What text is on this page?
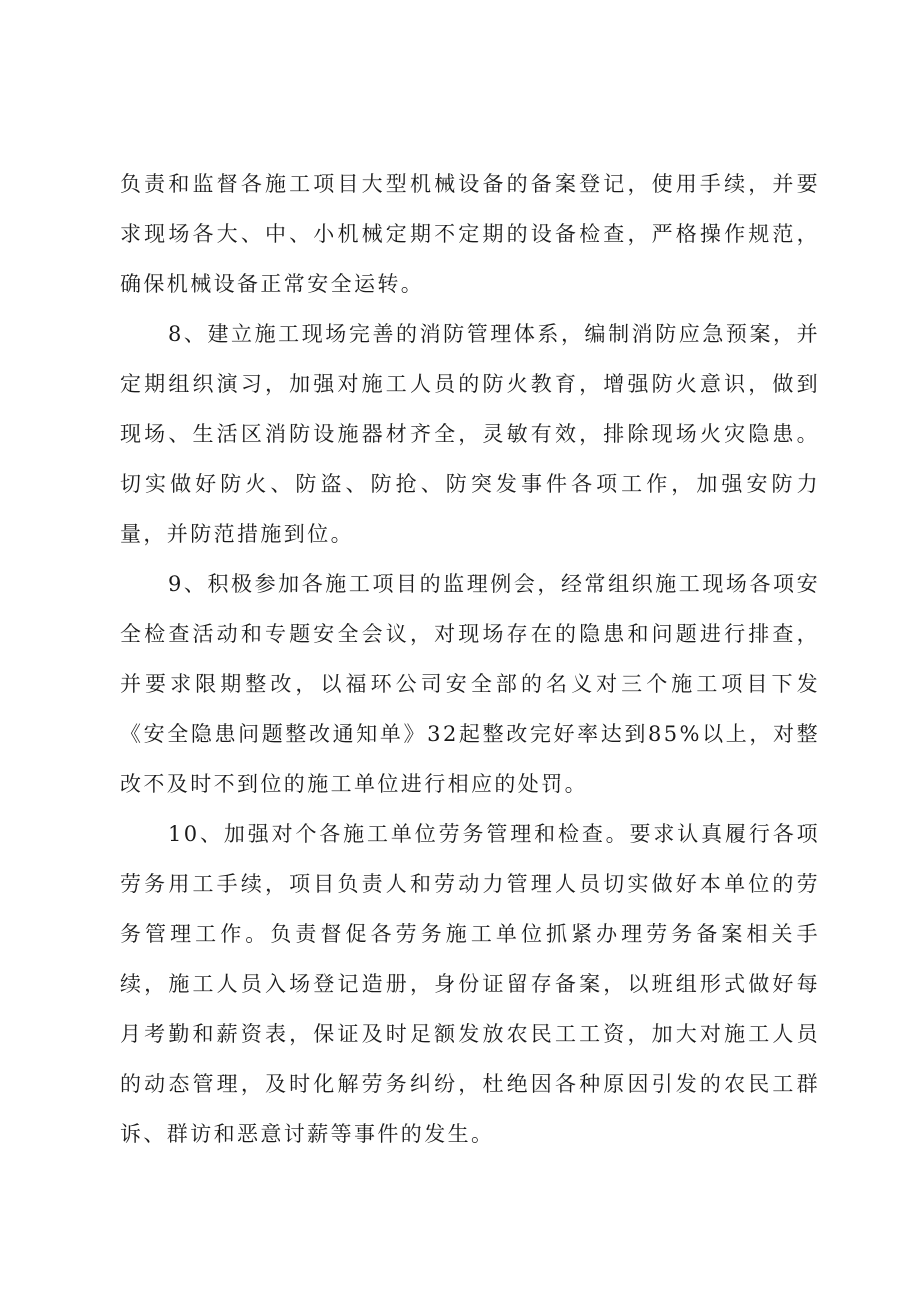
负责和监督各施工项目大型机械设备的备案登记，使用手续，并要求现场各大、中、小机械定期不定期的设备检查，严格操作规范，确保机械设备正常安全运转。

8、建立施工现场完善的消防管理体系，编制消防应急预案，并定期组织演习，加强对施工人员的防火教育，增强防火意识，做到现场、生活区消防设施器材齐全，灵敏有效，排除现场火灾隐患。切实做好防火、防盗、防抢、防突发事件各项工作，加强安防力量，并防范措施到位。

9、积极参加各施工项目的监理例会，经常组织施工现场各项安全检查活动和专题安全会议，对现场存在的隐患和问题进行排查，并要求限期整改，以福环公司安全部的名义对三个施工项目下发《安全隐患问题整改通知单》32起整改完好率达到85%以上，对整改不及时不到位的施工单位进行相应的处罚。

10、加强对个各施工单位劳务管理和检查。要求认真履行各项劳务用工手续，项目负责人和劳动力管理人员切实做好本单位的劳务管理工作。负责督促各劳务施工单位抓紧办理劳务备案相关手续，施工人员入场登记造册，身份证留存备案，以班组形式做好每月考勤和薪资表，保证及时足额发放农民工工资，加大对施工人员的动态管理，及时化解劳务纠纷，杜绝因各种原因引发的农民工群诉、群访和恶意讨薪等事件的发生。
